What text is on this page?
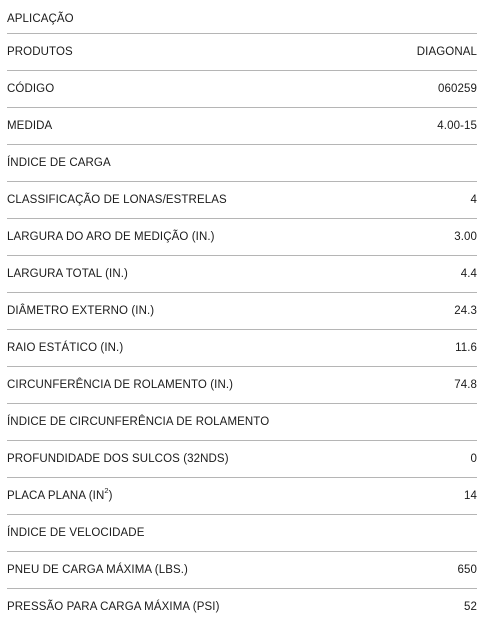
APLICAÇÃO
PRODUTOS	DIAGONAL
CÓDIGO	060259
MEDIDA	4.00-15
ÍNDICE DE CARGA
CLASSIFICAÇÃO DE LONAS/ESTRELAS	4
LARGURA DO ARO DE MEDIÇÃO (IN.)	3.00
LARGURA TOTAL (IN.)	4.4
DIÂMETRO EXTERNO (IN.)	24.3
RAIO ESTÁTICO (IN.)	11.6
CIRCUNFERÊNCIA DE ROLAMENTO (IN.)	74.8
ÍNDICE DE CIRCUNFERÊNCIA DE ROLAMENTO
PROFUNDIDADE DOS SULCOS (32NDS)	0
PLACA PLANA $(IN^2)$	14
ÍNDICE DE VELOCIDADE
PNEU DE CARGA MÁXIMA (LBS.)	650
PRESSÃO PARA CARGA MÁXIMA (PSI)	52
